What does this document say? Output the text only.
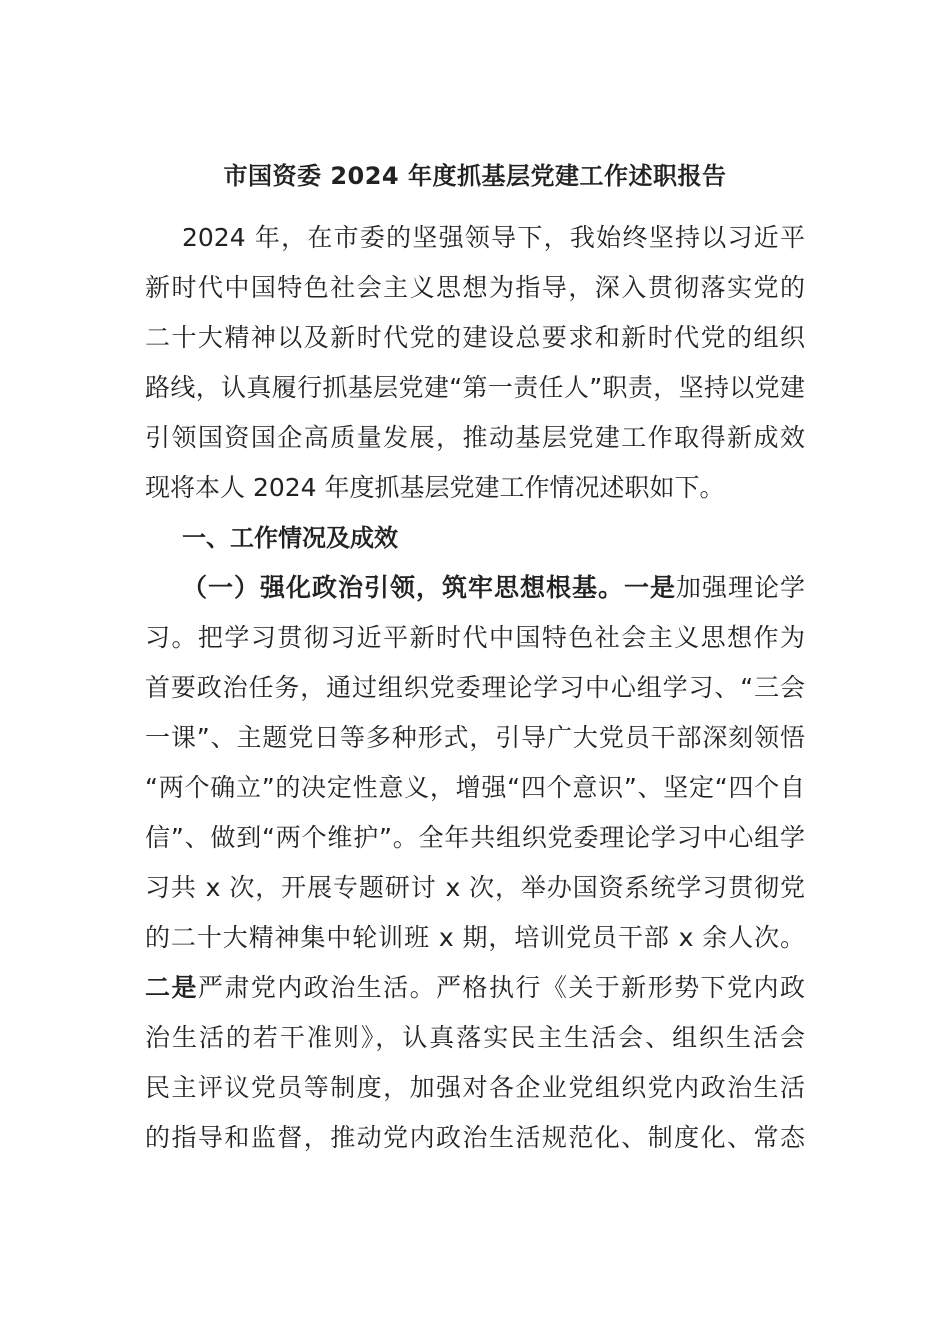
市国资委 2024 年度抓基层党建工作述职报告
2024 年，在市委的坚强领导下，我始终坚持以习近平
新时代中国特色社会主义思想为指导，深入贯彻落实党的
二十大精神以及新时代党的建设总要求和新时代党的组织
路线，认真履行抓基层党建“第一责任人”职责，坚持以党建
引领国资国企高质量发展，推动基层党建工作取得新成效
现将本人 2024 年度抓基层党建工作情况述职如下。
一、工作情况及成效
（一）强化政治引领，筑牢思想根基。一是加强理论学
习。把学习贯彻习近平新时代中国特色社会主义思想作为
首要政治任务，通过组织党委理论学习中心组学习、“三会
一课”、主题党日等多种形式，引导广大党员干部深刻领悟
“两个确立”的决定性意义，增强“四个意识”、坚定“四个自
信”、做到“两个维护”。全年共组织党委理论学习中心组学
习共 x 次，开展专题研讨 x 次，举办国资系统学习贯彻党
的二十大精神集中轮训班 x 期，培训党员干部 x 余人次。
二是严肃党内政治生活。严格执行《关于新形势下党内政
治生活的若干准则》，认真落实民主生活会、组织生活会
民主评议党员等制度，加强对各企业党组织党内政治生活
的指导和监督，推动党内政治生活规范化、制度化、常态
